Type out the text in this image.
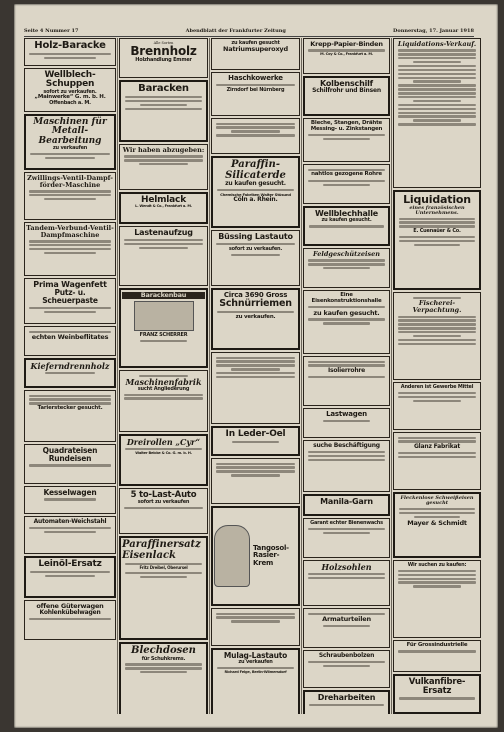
Seite 4 Nummer 17	Abendblatt der Frankfurter Zeitung	Donnerstag, 17. Januar 1918
Holz-Baracke
Wellblech-Schuppen
sofort zu verkaufen.
„Mainwerke“ G. m. b. H.
Offenbach a. M.
Maschinen für Metall-Bearbeitung
zu verkaufen
Zwillings-Ventil-Dampf-förder-Maschine
Tandem-Verbund-Ventil-Dampfmaschine
Prima Wagenfett
Putz- u. Scheuerpaste
echten Weinbeflitates
Kieferndrennholz
Tarierstecker gesucht.
Quadrateisen
Rundeisen
Kesselwagen
Automaten-Weichstahl
Leinöl-Ersatz
offene Güterwagen
Kohlenkübelwagen
Alle Sorten
Brennholz
Holzhandlung Emmer
Baracken
Wir haben abzugeben:
Helmlack
L. Wendt & Co., Frankfurt a. M.
Lastenaufzug
Barackenbau
FRANZ SCHERRER
Maschinenfabrik
sucht Angliederung
Dreirollen „Cyr“
Walter Belcke & Co. G. m. b. H.
5 to-Last-Auto
sofort zu verkaufen
Paraffinersatz
Eisenlack
Fritz Dreibel, Oberursel
Blechdosen
für Schuhkrems.
zu kaufen gesucht
Natriumsuperoxyd
Haschkowerke
Zirndorf bei Nürnberg
Paraffin-Silicaterde
zu kaufen gesucht.
Chemische Fabriken Walter Stüsund
Cöln a. Rhein.
Büssing Lastauto
sofort zu verkaufen.
Circa 3690 Gross
Schnürriemen
zu verkaufen.
In Leder-Oel
Tangosol-Rasier-Krem
Mulag-Lastauto
zu verkaufen
Richard Feige, Berlin-Wilmersdorf
Krepp-Papier-Binden
M. Coy & Co., Frankfurt a. M.
Kolbenschilf
Schilfrohr und Binsen
Bleche, Stangen, Drähte
Messing- u. Zinkstangen
nahtlos gezogene Rohre
Wellblechhalle
zu kaufen gesucht.
Feldgeschützeisen
Eine Eisenkonstruktionshalle
zu kaufen gesucht.
Isolierrohre
Lastwagen
suche Beschäftigung
Manila-Garn
Garant echter Bienenwachs
Holzsohlen
Armaturteilen
Schraubenbolzen
Dreharbeiten
Liquidations-Verkauf.
Liquidation
eines französischen Unternehmens.
E. Cuenaüer & Co.
Fischerei-Verpachtung.
Anderen ist Gewerbe Mittel
Glanz Fabrikat
Fleckenlose Schweißeisen gesucht
Mayer & Schmidt
Wir suchen zu kaufen:
Für Grossindustrielle
Vulkanfibre-Ersatz
